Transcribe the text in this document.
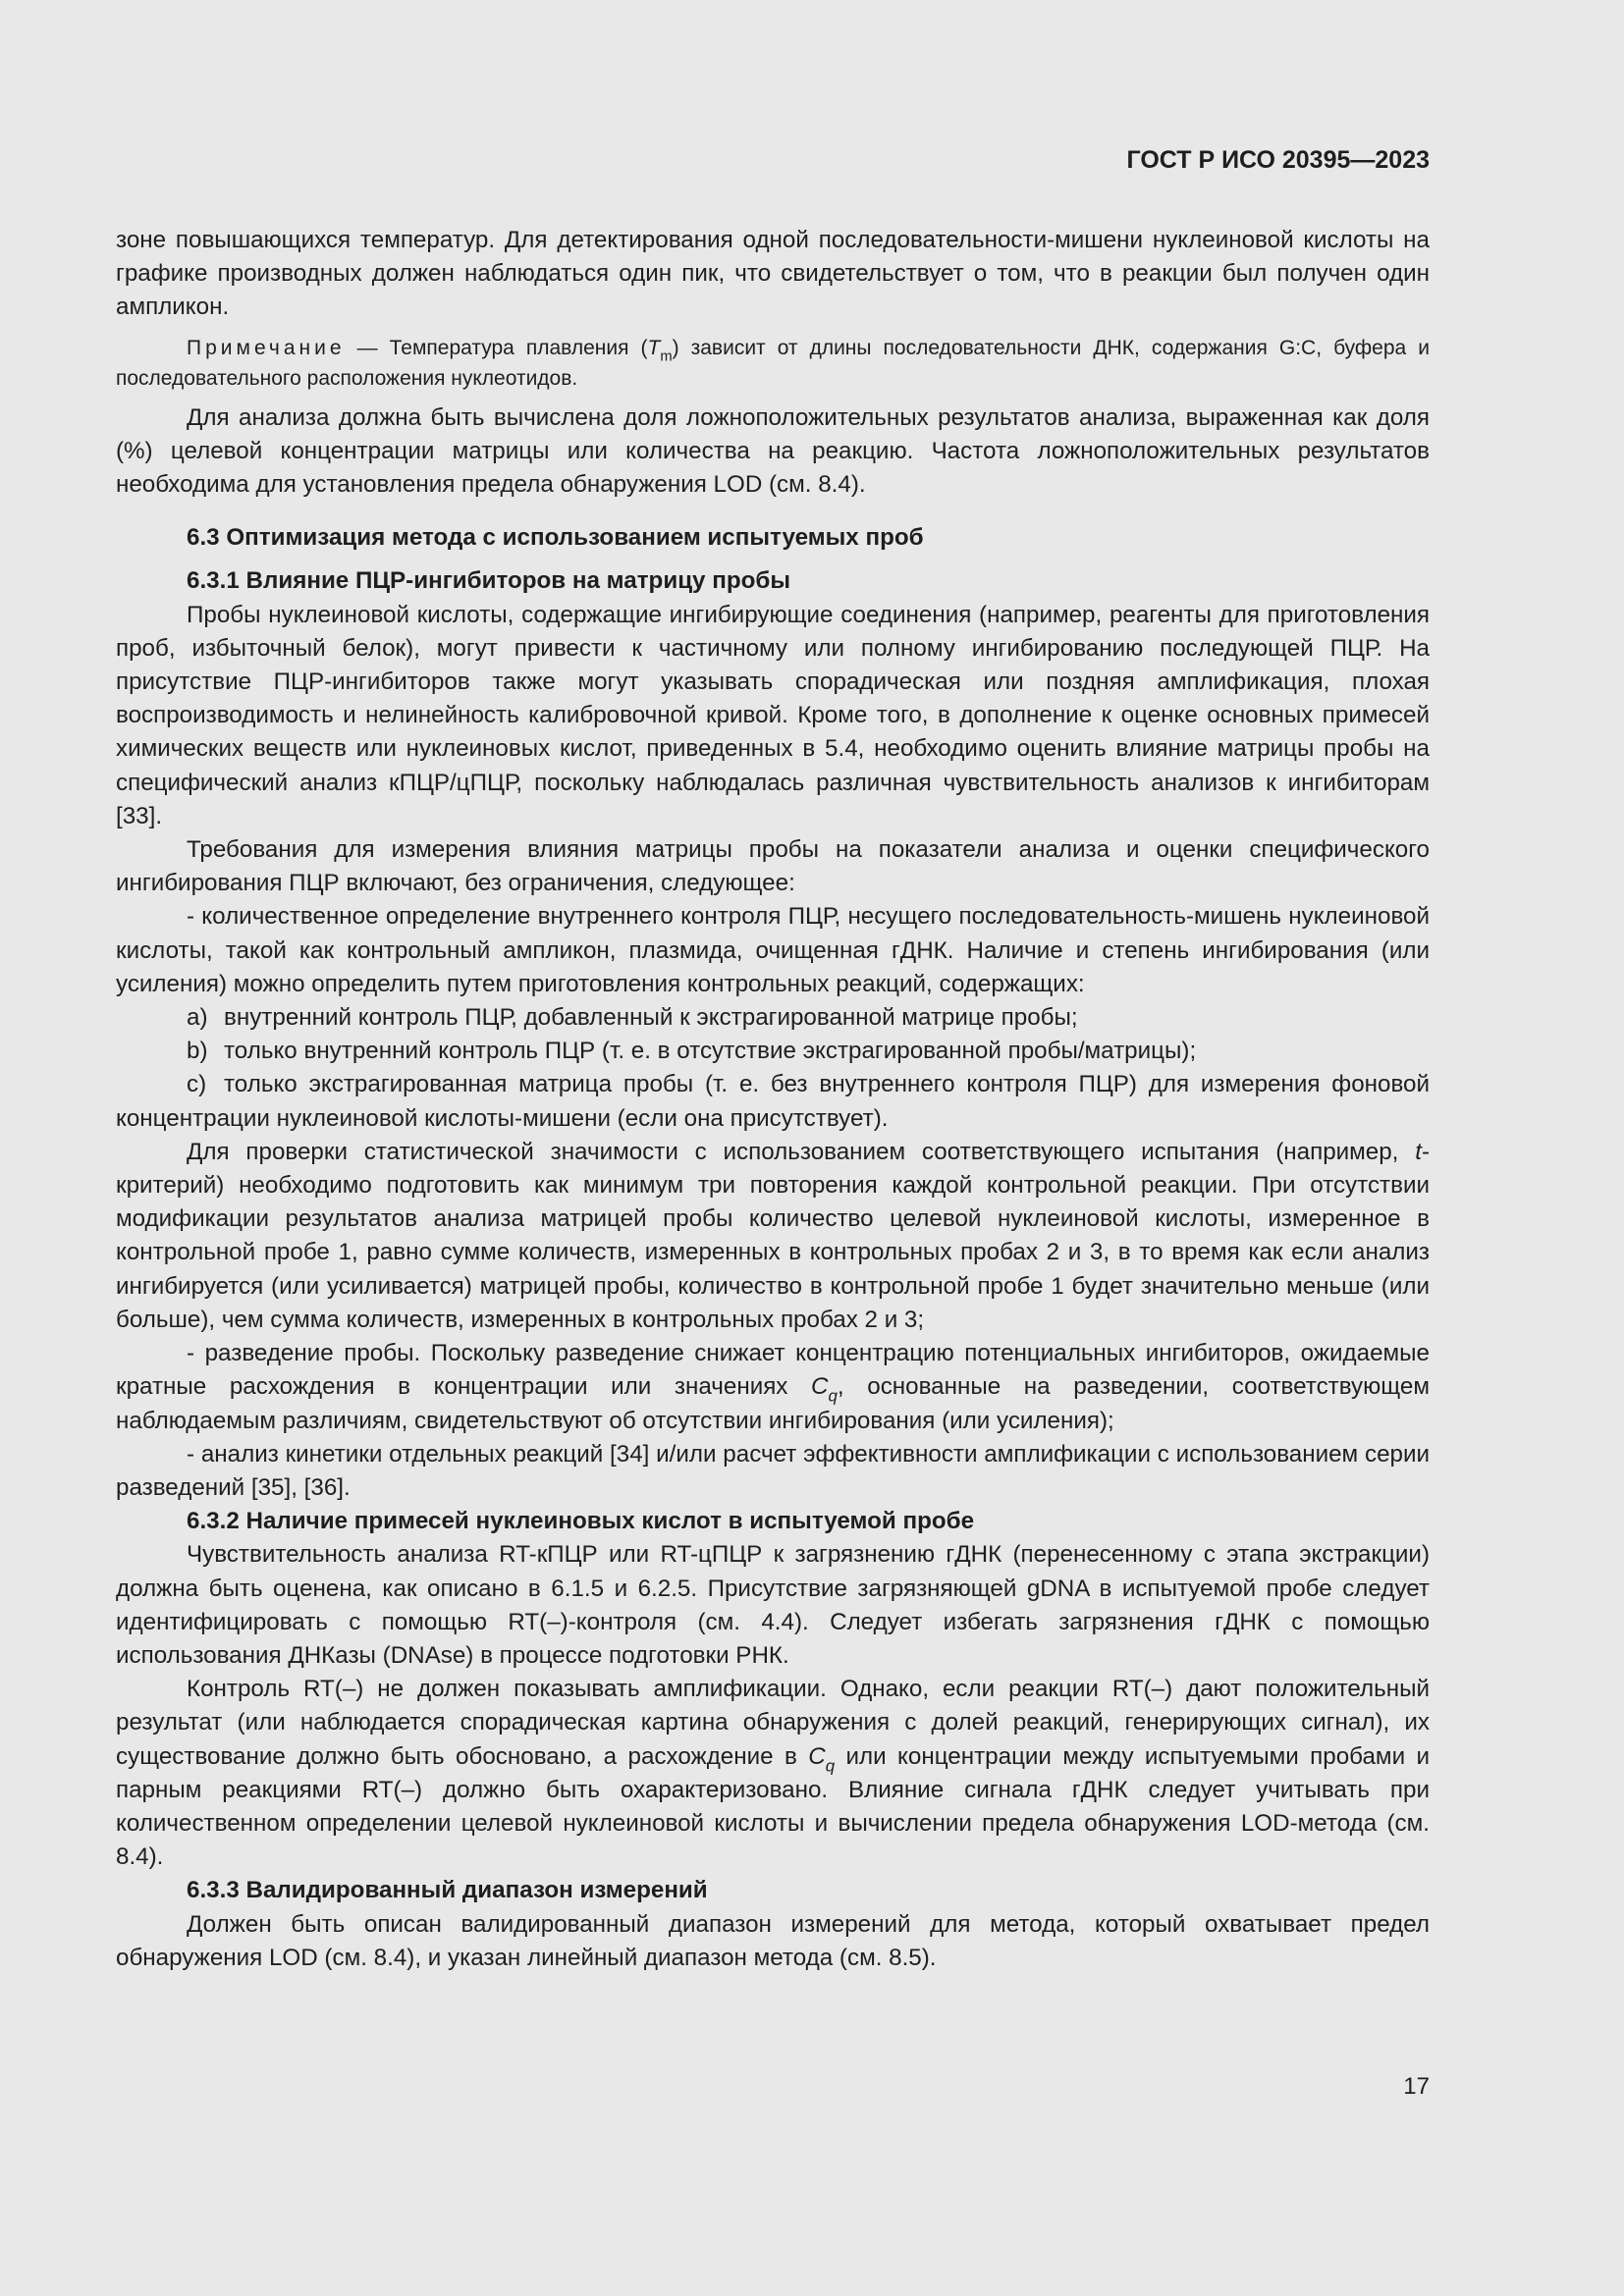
ГОСТ Р ИСО 20395—2023

зоне повышающихся температур. Для детектирования одной последовательности-мишени нуклеиновой кислоты на графике производных должен наблюдаться один пик, что свидетельствует о том, что в реакции был получен один ампликон.

Примечание — Температура плавления $(T_m)$ зависит от длины последовательности ДНК, содержания G:C, буфера и последовательного расположения нуклеотидов.

Для анализа должна быть вычислена доля ложноположительных результатов анализа, выраженная как доля (%) целевой концентрации матрицы или количества на реакцию. Частота ложноположительных результатов необходима для установления предела обнаружения LOD (см. 8.4).

6.3 Оптимизация метода с использованием испытуемых проб

6.3.1 Влияние ПЦР-ингибиторов на матрицу пробы

Пробы нуклеиновой кислоты, содержащие ингибирующие соединения (например, реагенты для приготовления проб, избыточный белок), могут привести к частичному или полному ингибированию последующей ПЦР. На присутствие ПЦР-ингибиторов также могут указывать спорадическая или поздняя амплификация, плохая воспроизводимость и нелинейность калибровочной кривой. Кроме того, в дополнение к оценке основных примесей химических веществ или нуклеиновых кислот, приведенных в 5.4, необходимо оценить влияние матрицы пробы на специфический анализ кПЦР/цПЦР, поскольку наблюдалась различная чувствительность анализов к ингибиторам [33].

Требования для измерения влияния матрицы пробы на показатели анализа и оценки специфического ингибирования ПЦР включают, без ограничения, следующее:

- количественное определение внутреннего контроля ПЦР, несущего последовательность-мишень нуклеиновой кислоты, такой как контрольный ампликон, плазмида, очищенная гДНК. Наличие и степень ингибирования (или усиления) можно определить путем приготовления контрольных реакций, содержащих:

a) внутренний контроль ПЦР, добавленный к экстрагированной матрице пробы;

b) только внутренний контроль ПЦР (т. е. в отсутствие экстрагированной пробы/матрицы);

c) только экстрагированная матрица пробы (т. е. без внутреннего контроля ПЦР) для измерения фоновой концентрации нуклеиновой кислоты-мишени (если она присутствует).

Для проверки статистической значимости с использованием соответствующего испытания (например, t-критерий) необходимо подготовить как минимум три повторения каждой контрольной реакции. При отсутствии модификации результатов анализа матрицей пробы количество целевой нуклеиновой кислоты, измеренное в контрольной пробе 1, равно сумме количеств, измеренных в контрольных пробах 2 и 3, в то время как если анализ ингибируется (или усиливается) матрицей пробы, количество в контрольной пробе 1 будет значительно меньше (или больше), чем сумма количеств, измеренных в контрольных пробах 2 и 3;

- разведение пробы. Поскольку разведение снижает концентрацию потенциальных ингибиторов, ожидаемые кратные расхождения в концентрации или значениях $C_q$, основанные на разведении, соответствующем наблюдаемым различиям, свидетельствуют об отсутствии ингибирования (или усиления);

- анализ кинетики отдельных реакций [34] и/или расчет эффективности амплификации с использованием серии разведений [35], [36].

6.3.2 Наличие примесей нуклеиновых кислот в испытуемой пробе

Чувствительность анализа RT-кПЦР или RT-цПЦР к загрязнению гДНК (перенесенному с этапа экстракции) должна быть оценена, как описано в 6.1.5 и 6.2.5. Присутствие загрязняющей gDNA в испытуемой пробе следует идентифицировать с помощью RT(–)-контроля (см. 4.4). Следует избегать загрязнения гДНК с помощью использования ДНКазы (DNAse) в процессе подготовки РНК.

Контроль RT(–) не должен показывать амплификации. Однако, если реакции RT(–) дают положительный результат (или наблюдается спорадическая картина обнаружения с долей реакций, генерирующих сигнал), их существование должно быть обосновано, а расхождение в $C_q$ или концентрации между испытуемыми пробами и парным реакциями RT(–) должно быть охарактеризовано. Влияние сигнала гДНК следует учитывать при количественном определении целевой нуклеиновой кислоты и вычислении предела обнаружения LOD-метода (см. 8.4).

6.3.3 Валидированный диапазон измерений

Должен быть описан валидированный диапазон измерений для метода, который охватывает предел обнаружения LOD (см. 8.4), и указан линейный диапазон метода (см. 8.5).

17
